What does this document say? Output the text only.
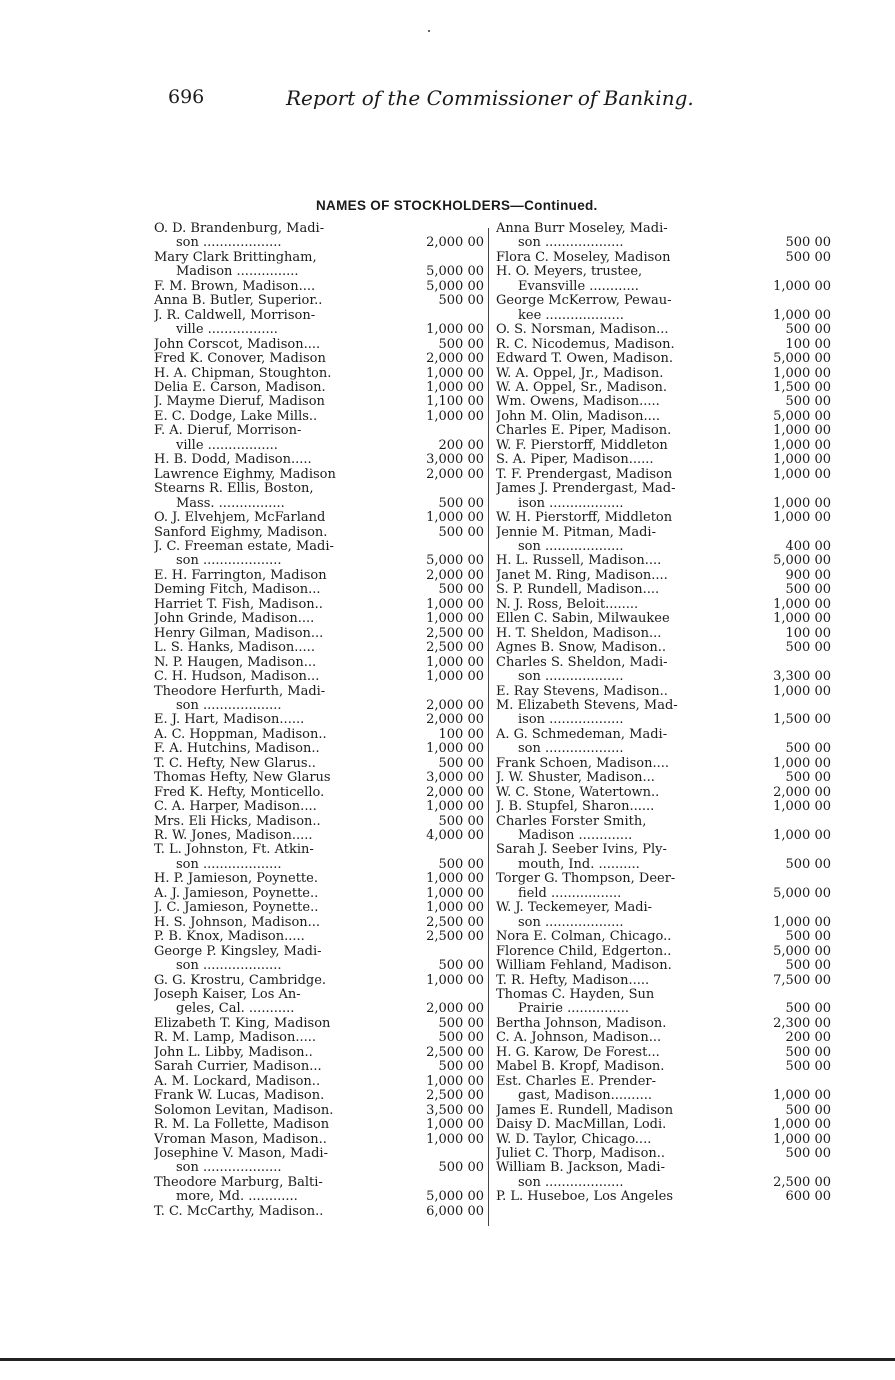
696	Report of the Commissioner of Banking.
NAMES OF STOCKHOLDERS—Continued.
O. D. Brandenburg, Madi-
son ...................	2,000 00
Mary Clark Brittingham,
Madison ...............	5,000 00
F. M. Brown, Madison....	5,000 00
Anna B. Butler, Superior..	500 00
J. R. Caldwell, Morrison-
ville .................	1,000 00
John Corscot, Madison....	500 00
Fred K. Conover, Madison	2,000 00
H. A. Chipman, Stoughton.	1,000 00
Delia E. Carson, Madison.	1,000 00
J. Mayme Dieruf, Madison	1,100 00
E. C. Dodge, Lake Mills..	1,000 00
F. A. Dieruf, Morrison-
ville .................	200 00
H. B. Dodd, Madison.....	3,000 00
Lawrence Eighmy, Madison	2,000 00
Stearns R. Ellis, Boston,
Mass. ................	500 00
O. J. Elvehjem, McFarland	1,000 00
Sanford Eighmy, Madison.	500 00
J. C. Freeman estate, Madi-
son ...................	5,000 00
E. H. Farrington, Madison	2,000 00
Deming Fitch, Madison...	500 00
Harriet T. Fish, Madison..	1,000 00
John Grinde, Madison....	1,000 00
Henry Gilman, Madison...	2,500 00
L. S. Hanks, Madison.....	2,500 00
N. P. Haugen, Madison...	1,000 00
C. H. Hudson, Madison...	1,000 00
Theodore Herfurth, Madi-
son ...................	2,000 00
E. J. Hart, Madison......	2,000 00
A. C. Hoppman, Madison..	100 00
F. A. Hutchins, Madison..	1,000 00
T. C. Hefty, New Glarus..	500 00
Thomas Hefty, New Glarus	3,000 00
Fred K. Hefty, Monticello.	2,000 00
C. A. Harper, Madison....	1,000 00
Mrs. Eli Hicks, Madison..	500 00
R. W. Jones, Madison.....	4,000 00
T. L. Johnston, Ft. Atkin-
son ...................	500 00
H. P. Jamieson, Poynette.	1,000 00
A. J. Jamieson, Poynette..	1,000 00
J. C. Jamieson, Poynette..	1,000 00
H. S. Johnson, Madison...	2,500 00
P. B. Knox, Madison.....	2,500 00
George P. Kingsley, Madi-
son ...................	500 00
G. G. Krostru, Cambridge.	1,000 00
Joseph Kaiser, Los An-
geles, Cal. ...........	2,000 00
Elizabeth T. King, Madison	500 00
R. M. Lamp, Madison.....	500 00
John L. Libby, Madison..	2,500 00
Sarah Currier, Madison...	500 00
A. M. Lockard, Madison..	1,000 00
Frank W. Lucas, Madison.	2,500 00
Solomon Levitan, Madison.	3,500 00
R. M. La Follette, Madison	1,000 00
Vroman Mason, Madison..	1,000 00
Josephine V. Mason, Madi-
son ...................	500 00
Theodore Marburg, Balti-
more, Md. ............	5,000 00
T. C. McCarthy, Madison..	6,000 00
Anna Burr Moseley, Madi-
son ...................	500 00
Flora C. Moseley, Madison	500 00
H. O. Meyers, trustee,
Evansville ............	1,000 00
George McKerrow, Pewau-
kee ...................	1,000 00
O. S. Norsman, Madison...	500 00
R. C. Nicodemus, Madison.	100 00
Edward T. Owen, Madison.	5,000 00
W. A. Oppel, Jr., Madison.	1,000 00
W. A. Oppel, Sr., Madison.	1,500 00
Wm. Owens, Madison.....	500 00
John M. Olin, Madison....	5,000 00
Charles E. Piper, Madison.	1,000 00
W. F. Pierstorff, Middleton	1,000 00
S. A. Piper, Madison......	1,000 00
T. F. Prendergast, Madison	1,000 00
James J. Prendergast, Mad-
ison ..................	1,000 00
W. H. Pierstorff, Middleton	1,000 00
Jennie M. Pitman, Madi-
son ...................	400 00
H. L. Russell, Madison....	5,000 00
Janet M. Ring, Madison....	900 00
S. P. Rundell, Madison....	500 00
N. J. Ross, Beloit........	1,000 00
Ellen C. Sabin, Milwaukee	1,000 00
H. T. Sheldon, Madison...	100 00
Agnes B. Snow, Madison..	500 00
Charles S. Sheldon, Madi-
son ...................	3,300 00
E. Ray Stevens, Madison..	1,000 00
M. Elizabeth Stevens, Mad-
ison ..................	1,500 00
A. G. Schmedeman, Madi-
son ...................	500 00
Frank Schoen, Madison....	1,000 00
J. W. Shuster, Madison...	500 00
W. C. Stone, Watertown..	2,000 00
J. B. Stupfel, Sharon......	1,000 00
Charles Forster Smith,
Madison .............	1,000 00
Sarah J. Seeber Ivins, Ply-
mouth, Ind. ..........	500 00
Torger G. Thompson, Deer-
field .................	5,000 00
W. J. Teckemeyer, Madi-
son ...................	1,000 00
Nora E. Colman, Chicago..	500 00
Florence Child, Edgerton..	5,000 00
William Fehland, Madison.	500 00
T. R. Hefty, Madison.....	7,500 00
Thomas C. Hayden, Sun
Prairie ...............	500 00
Bertha Johnson, Madison.	2,300 00
C. A. Johnson, Madison...	200 00
H. G. Karow, De Forest...	500 00
Mabel B. Kropf, Madison.	500 00
Est. Charles E. Prender-
gast, Madison..........	1,000 00
James E. Rundell, Madison	500 00
Daisy D. MacMillan, Lodi.	1,000 00
W. D. Taylor, Chicago....	1,000 00
Juliet C. Thorp, Madison..	500 00
William B. Jackson, Madi-
son ...................	2,500 00
P. L. Huseboe, Los Angeles	600 00
